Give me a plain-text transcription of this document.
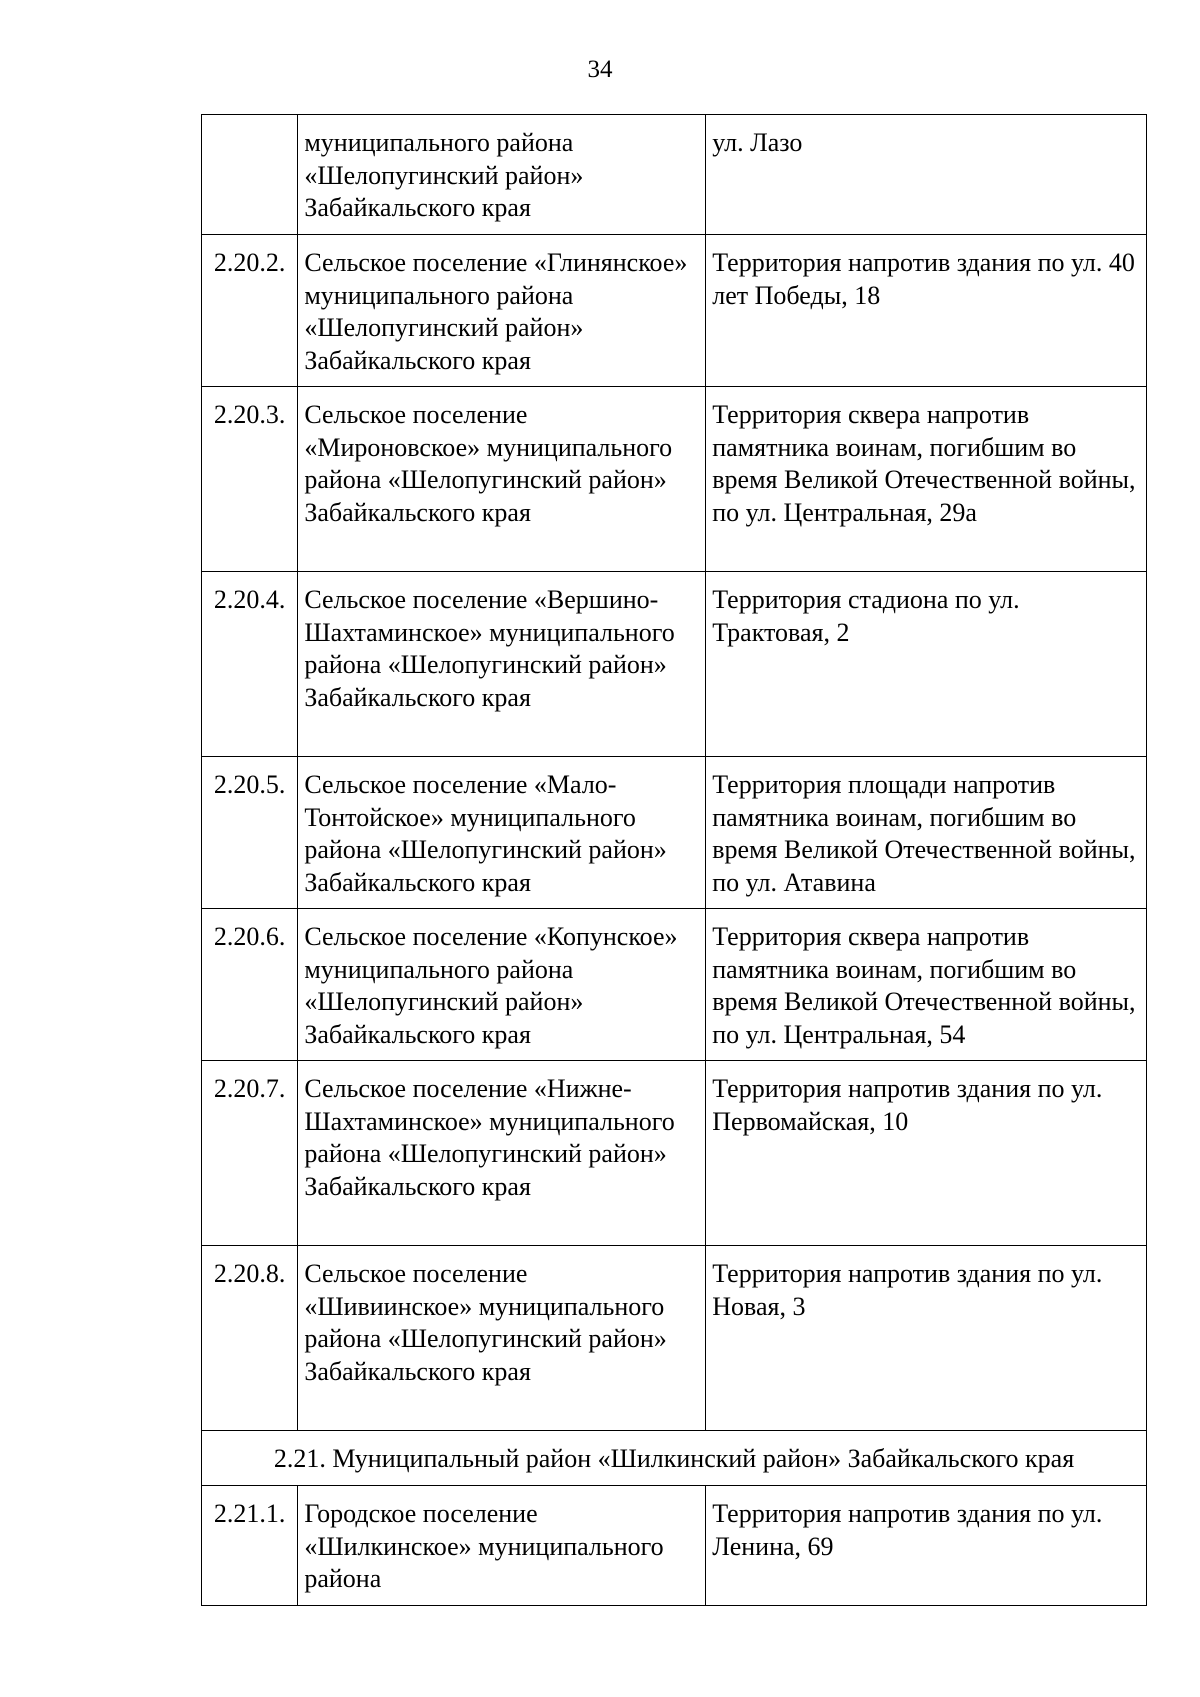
34
	муниципального района «Шелопугинский район» Забайкальского края	ул. Лазо
2.20.2.	Сельское поселение «Глинянское» муниципального района «Шелопугинский район» Забайкальского края	Территория напротив здания по ул. 40 лет Победы, 18
2.20.3.	Сельское поселение «Мироновское» муниципального района «Шелопугинский район» Забайкальского края	Территория сквера напротив памятника воинам, погибшим во время Великой Отечественной войны, по ул. Центральная, 29а
2.20.4.	Сельское поселение «Вершино-Шахтаминское» муниципального района «Шелопугинский район» Забайкальского края	Территория стадиона по ул. Трактовая, 2
2.20.5.	Сельское поселение «Мало-Тонтойское» муниципального района «Шелопугинский район» Забайкальского края	Территория площади напротив памятника воинам, погибшим во время Великой Отечественной войны, по ул. Атавина
2.20.6.	Сельское поселение «Копунское» муниципального района «Шелопугинский район» Забайкальского края	Территория сквера напротив памятника воинам, погибшим во время Великой Отечественной войны, по ул. Центральная, 54
2.20.7.	Сельское поселение «Нижне-Шахтаминское» муниципального района «Шелопугинский район» Забайкальского края	Территория напротив здания по ул. Первомайская, 10
2.20.8.	Сельское поселение «Шивиинское» муниципального района «Шелопугинский район» Забайкальского края	Территория напротив здания по ул. Новая, 3
2.21. Муниципальный район «Шилкинский район» Забайкальского края		
2.21.1.	Городское поселение «Шилкинское» муниципального района	Территория напротив здания по ул. Ленина, 69
